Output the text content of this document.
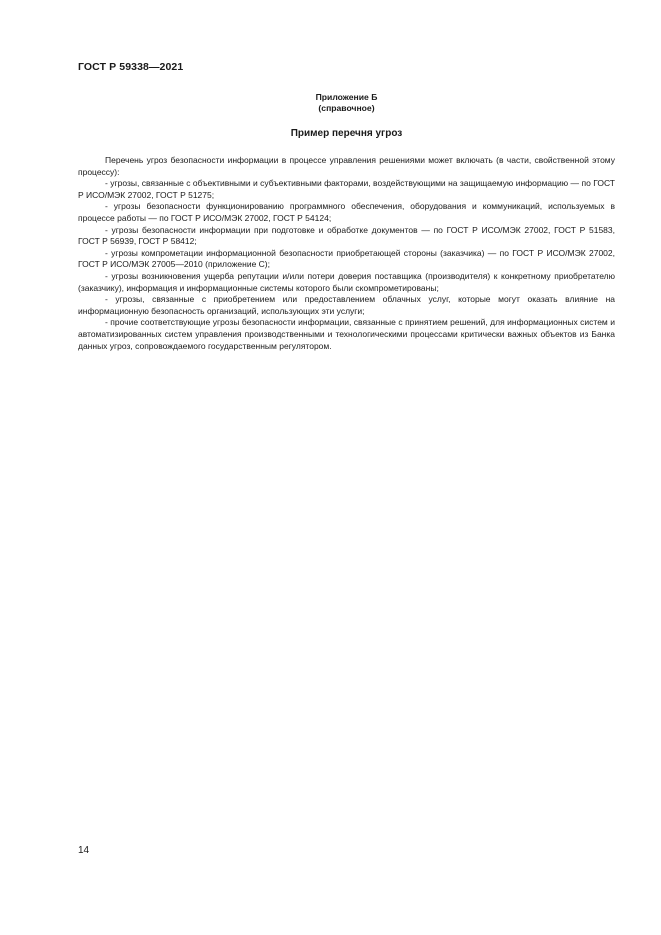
ГОСТ Р 59338—2021
Приложение Б
(справочное)
Пример перечня угроз

Перечень угроз безопасности информации в процессе управления решениями может включать (в части, свойственной этому процессу):

- угрозы, связанные с объективными и субъективными факторами, воздействующими на защищаемую информацию — по ГОСТ Р ИСО/МЭК 27002, ГОСТ Р 51275;

- угрозы безопасности функционированию программного обеспечения, оборудования и коммуникаций, используемых в процессе работы — по ГОСТ Р ИСО/МЭК 27002, ГОСТ Р 54124;

- угрозы безопасности информации при подготовке и обработке документов — по ГОСТ Р ИСО/МЭК 27002, ГОСТ Р 51583, ГОСТ Р 56939, ГОСТ Р 58412;

- угрозы компрометации информационной безопасности приобретающей стороны (заказчика) — по ГОСТ Р ИСО/МЭК 27002, ГОСТ Р ИСО/МЭК 27005—2010 (приложение С);

- угрозы возникновения ущерба репутации и/или потери доверия поставщика (производителя) к конкретному приобретателю (заказчику), информация и информационные системы которого были скомпрометированы;

- угрозы, связанные с приобретением или предоставлением облачных услуг, которые могут оказать влияние на информационную безопасность организаций, использующих эти услуги;

- прочие соответствующие угрозы безопасности информации, связанные с принятием решений, для информационных систем и автоматизированных систем управления производственными и технологическими процессами критически важных объектов из Банка данных угроз, сопровождаемого государственным регулятором.

14
